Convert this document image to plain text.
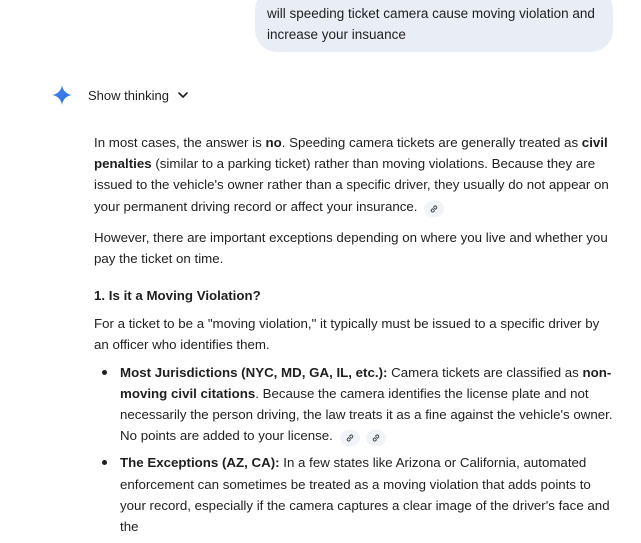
will speeding ticket camera cause moving violation and increase your insuance
Show thinking

In most cases, the answer is no. Speeding camera tickets are generally treated as civil penalties (similar to a parking ticket) rather than moving violations. Because they are issued to the vehicle's owner rather than a specific driver, they usually do not appear on your permanent driving record or affect your insurance.

However, there are important exceptions depending on where you live and whether you pay the ticket on time.

1. Is it a Moving Violation?

For a ticket to be a "moving violation," it typically must be issued to a specific driver by an officer who identifies them.

Most Jurisdictions (NYC, MD, GA, IL, etc.): Camera tickets are classified as non-moving civil citations. Because the camera identifies the license plate and not necessarily the person driving, the law treats it as a fine against the vehicle's owner. No points are added to your license.

The Exceptions (AZ, CA): In a few states like Arizona or California, automated enforcement can sometimes be treated as a moving violation that adds points to your record, especially if the camera captures a clear image of the driver's face and the
